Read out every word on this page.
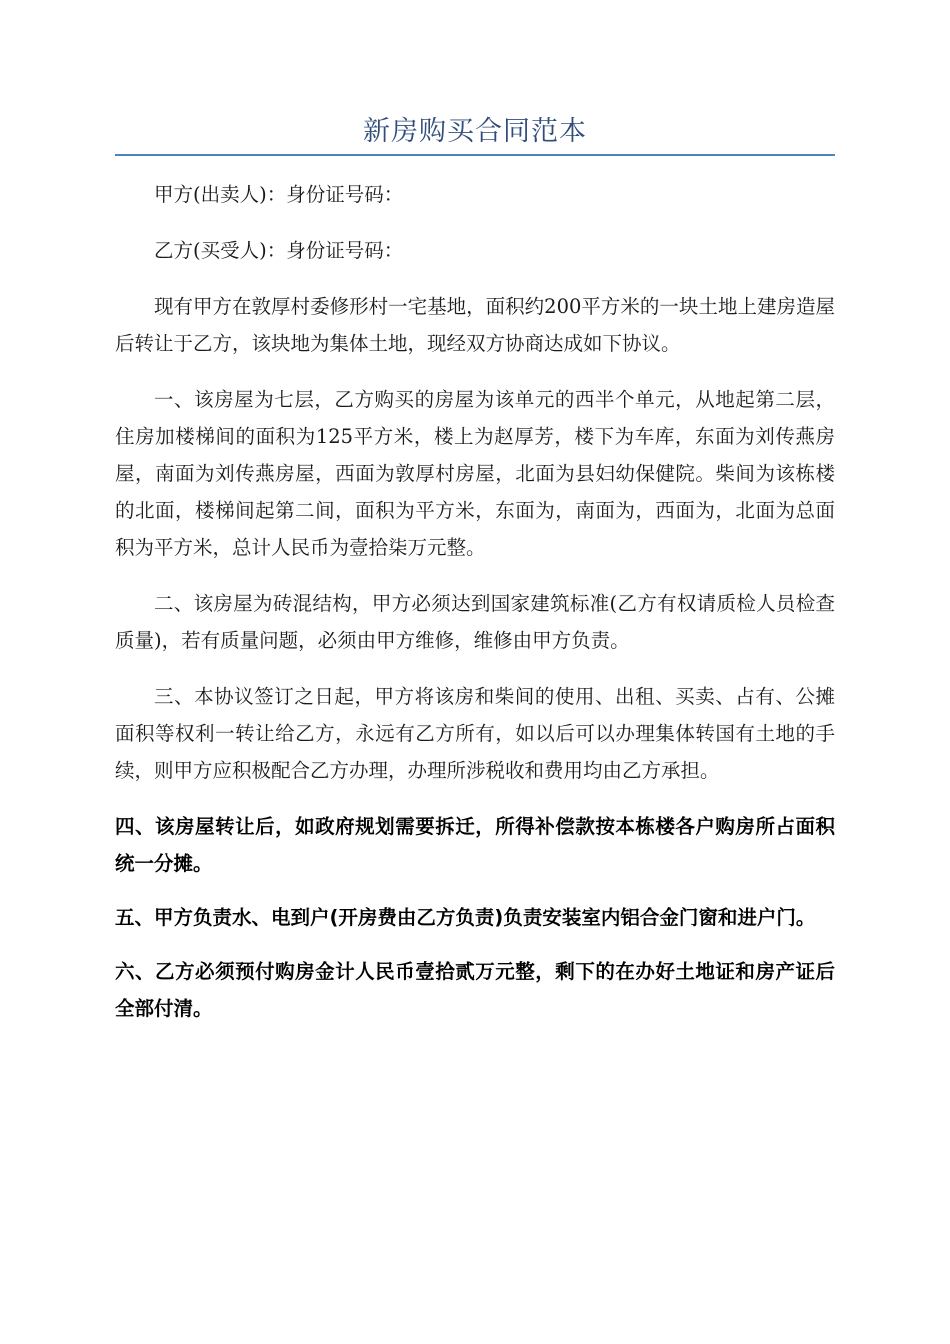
新房购买合同范本

甲方(出卖人)：身份证号码：

乙方(买受人)：身份证号码：

现有甲方在敦厚村委修形村一宅基地，面积约200平方米的一块土地上建房造屋后转让于乙方，该块地为集体土地，现经双方协商达成如下协议。

一、该房屋为七层，乙方购买的房屋为该单元的西半个单元，从地起第二层，住房加楼梯间的面积为125平方米，楼上为赵厚芳，楼下为车库，东面为刘传燕房屋，南面为刘传燕房屋，西面为敦厚村房屋，北面为县妇幼保健院。柴间为该栋楼的北面，楼梯间起第二间，面积为平方米，东面为，南面为，西面为，北面为总面积为平方米，总计人民币为壹拾柒万元整。

二、该房屋为砖混结构，甲方必须达到国家建筑标准(乙方有权请质检人员检查质量)，若有质量问题，必须由甲方维修，维修由甲方负责。

三、本协议签订之日起，甲方将该房和柴间的使用、出租、买卖、占有、公摊面积等权利一转让给乙方，永远有乙方所有，如以后可以办理集体转国有土地的手续，则甲方应积极配合乙方办理，办理所涉税收和费用均由乙方承担。

四、该房屋转让后，如政府规划需要拆迁，所得补偿款按本栋楼各户购房所占面积统一分摊。

五、甲方负责水、电到户(开房费由乙方负责)负责安装室内铝合金门窗和进户门。

六、乙方必须预付购房金计人民币壹拾贰万元整，剩下的在办好土地证和房产证后全部付清。
